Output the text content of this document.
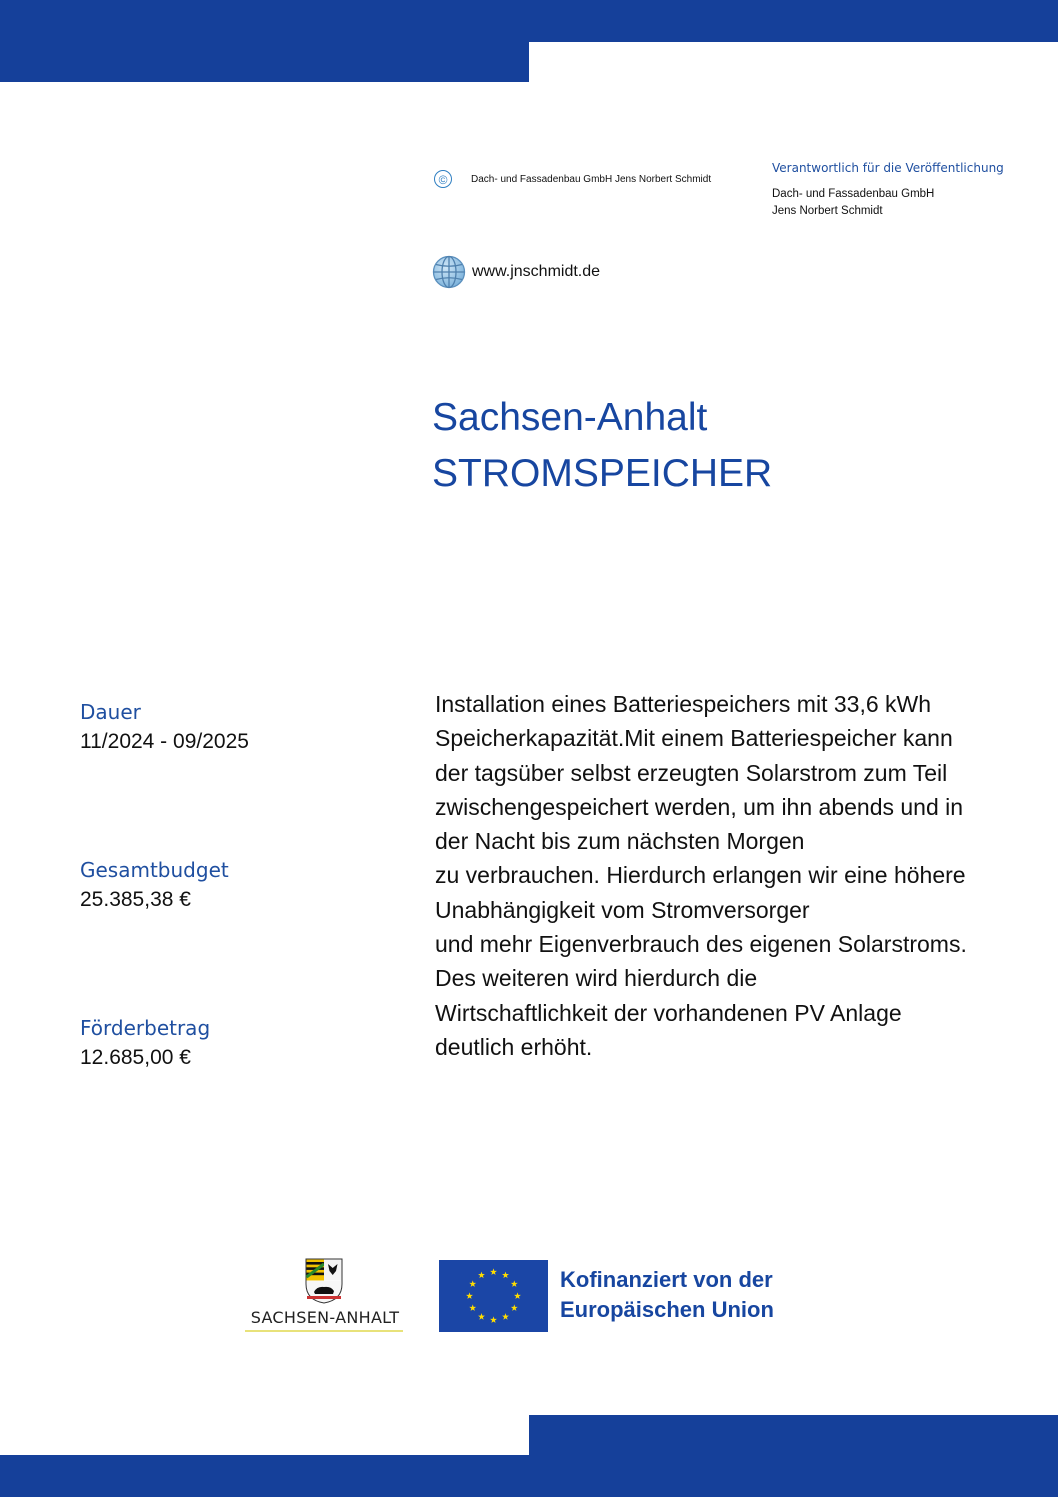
©	Dach- und Fassadenbau GmbH Jens Norbert Schmidt
Verantwortlich für die Veröffentlichung
Dach- und Fassadenbau GmbH
Jens Norbert Schmidt
www.jnschmidt.de
Sachsen-Anhalt
STROMSPEICHER
Dauer
11/2024 - 09/2025
Gesamtbudget
25.385,38 €
Förderbetrag
12.685,00 €

Installation eines Batteriespeichers mit 33,6 kWh

Speicherkapazität.Mit einem Batteriespeicher kann

der tagsüber selbst erzeugten Solarstrom zum Teil

zwischengespeichert werden, um ihn abends und in

der Nacht bis zum nächsten Morgen

zu verbrauchen. Hierdurch erlangen wir eine höhere

Unabhängigkeit vom Stromversorger

und mehr Eigenverbrauch des eigenen Solarstroms.

Des weiteren wird hierdurch die

Wirtschaftlichkeit der vorhandenen PV Anlage

deutlich erhöht.

SACHSEN-ANHALT
Kofinanziert von der
Europäischen Union
